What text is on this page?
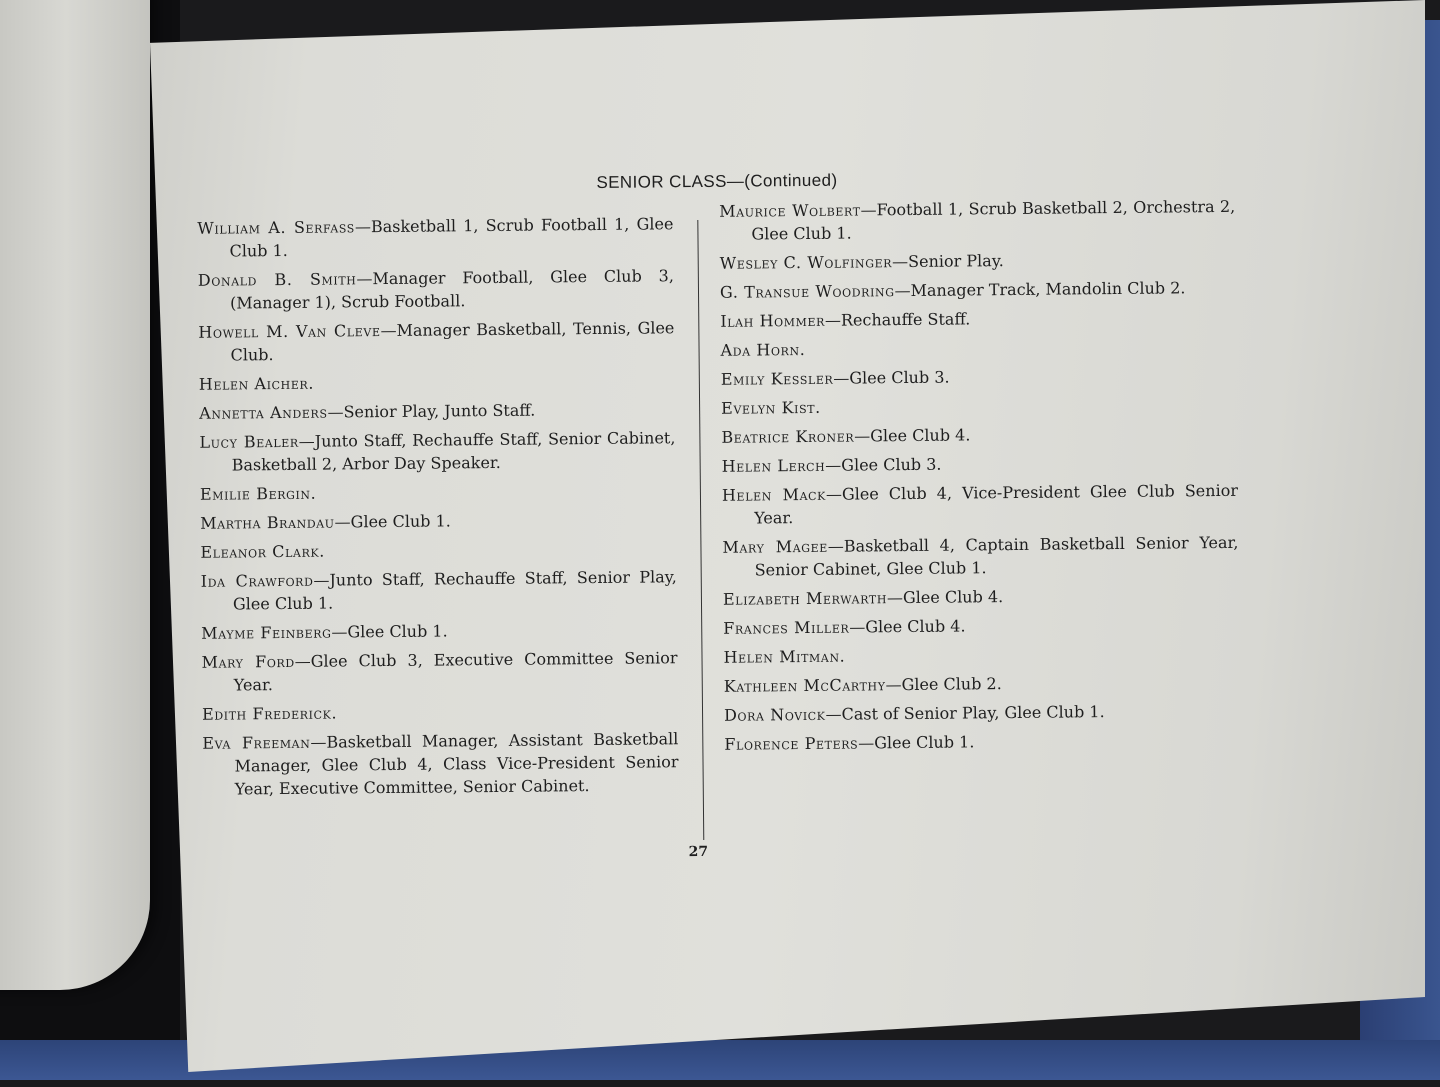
SENIOR CLASS—(Continued)
William A. Serfass—Basketball 1, Scrub Football 1, Glee Club 1.
Donald B. Smith—Manager Football, Glee Club 3, (Manager 1), Scrub Football.
Howell M. Van Cleve—Manager Basketball, Tennis, Glee Club.
Helen Aicher.
Annetta Anders—Senior Play, Junto Staff.
Lucy Bealer—Junto Staff, Rechauffe Staff, Senior Cabinet, Basketball 2, Arbor Day Speaker.
Emilie Bergin.
Martha Brandau—Glee Club 1.
Eleanor Clark.
Ida Crawford—Junto Staff, Rechauffe Staff, Senior Play, Glee Club 1.
Mayme Feinberg—Glee Club 1.
Mary Ford—Glee Club 3, Executive Committee Senior Year.
Edith Frederick.
Eva Freeman—Basketball Manager, Assistant Basketball Manager, Glee Club 4, Class Vice-President Senior Year, Executive Committee, Senior Cabinet.
Maurice Wolbert—Football 1, Scrub Basketball 2, Orchestra 2, Glee Club 1.
Wesley C. Wolfinger—Senior Play.
G. Transue Woodring—Manager Track, Mandolin Club 2.
Ilah Hommer—Rechauffe Staff.
Ada Horn.
Emily Kessler—Glee Club 3.
Evelyn Kist.
Beatrice Kroner—Glee Club 4.
Helen Lerch—Glee Club 3.
Helen Mack—Glee Club 4, Vice-President Glee Club Senior Year.
Mary Magee—Basketball 4, Captain Basketball Senior Year, Senior Cabinet, Glee Club 1.
Elizabeth Merwarth—Glee Club 4.
Frances Miller—Glee Club 4.
Helen Mitman.
Kathleen McCarthy—Glee Club 2.
Dora Novick—Cast of Senior Play, Glee Club 1.
Florence Peters—Glee Club 1.
27
